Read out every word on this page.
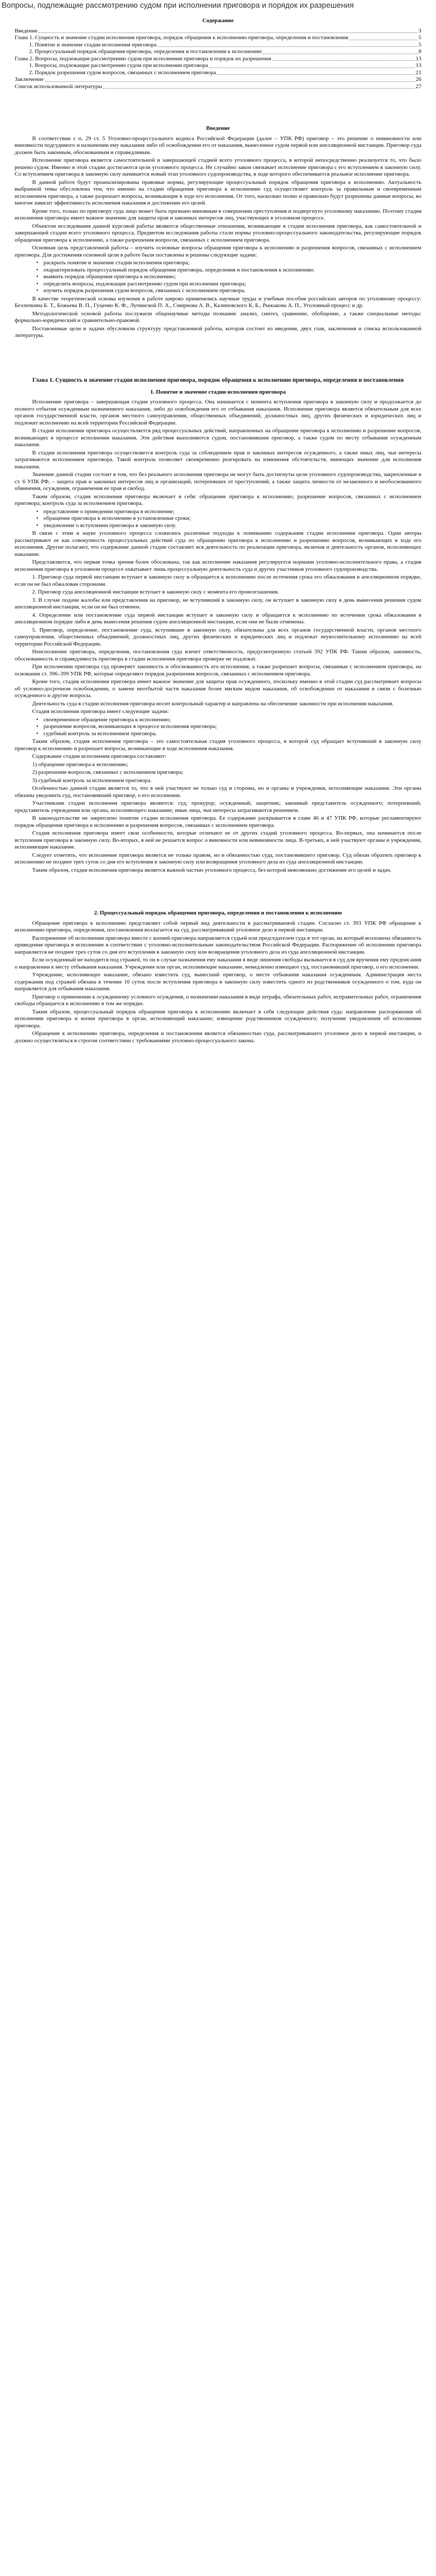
Вопросы, подлежащие рассмотрению судом при исполнении приговора и порядок их разрешения
Содержание
Введение	3
Глава 1. Сущность и значение стадии исполнения приговора, порядок обращения к исполнению приговора, определения и постановления	5
1. Понятие и значение стадии исполнения приговора	5
2. Процессуальный порядок обращения приговора, определения и постановления к исполнению	8
Глава 2. Вопросы, подлежащие рассмотрению судом при исполнении приговора и порядок их разрешения	13
1. Вопросы, подлежащие рассмотрению судом при исполнении приговора	13
2. Порядок разрешения судом вопросов, связанных с исполнением приговора	21
Заключение	26
Список использованной литературы	27
Введение

В соответствии с п. 29 ст. 5 Уголовно-процессуального кодекса Российской Федерации (далее – УПК РФ) приговор – это решение о невиновности или виновности подсудимого и назначении ему наказания либо об освобождении его от наказания, вынесенное судом первой или апелляционной инстанции. Приговор суда должен быть законным, обоснованным и справедливым.

Исполнение приговора является самостоятельной и завершающей стадией всего уголовного процесса, в которой непосредственно реализуется то, что было решено судом. Именно в этой стадии достигаются цели уголовного процесса. Не случайно закон связывает исполнение приговора с его вступлением в законную силу. Со вступлением приговора в законную силу начинается новый этап уголовного судопроизводства, в ходе которого обеспечивается реальное исполнение приговора.

В данной работе будут проанализированы правовые нормы, регулирующие процессуальный порядок обращения приговора к исполнению. Актуальность выбранной темы обусловлена тем, что именно на стадии обращения приговора к исполнению суд осуществляет контроль за правильным и своевременным исполнением приговора, а также разрешает вопросы, возникающие в ходе его исполнения. От того, насколько полно и правильно будут разрешены данные вопросы, во многом зависит эффективность исполнения наказания и достижение его целей.

Кроме того, только по приговору суда лицо может быть признано виновным в совершении преступления и подвергнуто уголовному наказанию. Поэтому стадия исполнения приговора имеет важное значение для защиты прав и законных интересов лиц, участвующих в уголовном процессе.

Объектом исследования данной курсовой работы являются общественные отношения, возникающие в стадии исполнения приговора, как самостоятельной и завершающей стадии всего уголовного процесса. Предметом исследования работы стали нормы уголовно-процессуального законодательства, регулирующие порядок обращения приговора к исполнению, а также разрешения вопросов, связанных с исполнением приговора.

Основная цель представленной работы – изучить основные вопросы обращения приговора к исполнению и разрешения вопросов, связанных с исполнением приговора. Для достижения основной цели в работе были поставлены и решены следующие задачи:

• раскрыть понятие и значение стадии исполнения приговора;
• охарактеризовать процессуальный порядок обращения приговора, определения и постановления к исполнению;
• выявить порядок обращения приговора к исполнению;
• определить вопросы, подлежащие рассмотрению судом при исполнении приговора;
• изучить порядок разрешения судом вопросов, связанных с исполнением приговора.

В качестве теоретической основы изучения в работе широко применялись научные труды и учебные пособия российских авторов по уголовному процессу: Безлепкина Б. Т., Божьева В. П., Гуценко К. Ф., Лупинской П. А., Смирнова А. В., Калиновского К. Б., Рыжакова А. П., Уголовный процесс и др.

Методологической основой работы послужили общенаучные методы познания: анализ, синтез, сравнение, обобщение, а также специальные методы: формально-юридический и сравнительно-правовой.

Поставленные цели и задачи обусловили структуру представленной работы, которая состоит из введения, двух глав, заключения и списка использованной литературы.

Глава 1. Сущность и значение стадии исполнения приговора, порядок обращения к исполнению приговора, определения и постановления
1. Понятие и значение стадии исполнения приговора

Исполнение приговора – завершающая стадия уголовного процесса. Она начинается с момента вступления приговора в законную силу и продолжается до полного отбытия осужденным назначенного наказания, либо до освобождения его от отбывания наказания. Исполнение приговора является обязательным для всех органов государственной власти, органов местного самоуправления, общественных объединений, должностных лиц, других физических и юридических лиц и подлежит исполнению на всей территории Российской Федерации.

В стадии исполнения приговора осуществляется ряд процессуальных действий, направленных на обращение приговора к исполнению и разрешение вопросов, возникающих в процессе исполнения наказания. Эти действия выполняются судом, постановившим приговор, а также судом по месту отбывания осужденным наказания.

В стадии исполнения приговора осуществляется контроль суда за соблюдением прав и законных интересов осужденного, а также иных лиц, чьи интересы затрагиваются исполнением приговора. Такой контроль позволяет своевременно реагировать на изменения обстоятельств, имеющих значение для исполнения наказания.

Значение данной стадии состоит в том, что без реального исполнения приговора не могут быть достигнуты цели уголовного судопроизводства, закрепленные в ст. 6 УПК РФ, – защита прав и законных интересов лиц и организаций, потерпевших от преступлений, а также защита личности от незаконного и необоснованного обвинения, осуждения, ограничения ее прав и свобод.

Таким образом, стадия исполнения приговора включает в себя: обращение приговора к исполнению; разрешение вопросов, связанных с исполнением приговора; контроль суда за исполнением приговора.

• представление о приведении приговора в исполнение;
• обращение приговора к исполнению в установленные сроки;
• уведомление о вступлении приговора в законную силу.

В связи с этим в науке уголовного процесса сложились различные подходы к пониманию содержания стадии исполнения приговора. Одни авторы рассматривают ее как совокупность процессуальных действий суда по обращению приговора к исполнению и разрешению вопросов, возникающих в ходе его исполнения. Другие полагают, что содержание данной стадии составляет вся деятельность по реализации приговора, включая и деятельность органов, исполняющих наказание.

Представляется, что первая точка зрения более обоснована, так как исполнение наказания регулируется нормами уголовно-исполнительного права, а стадия исполнения приговора в уголовном процессе охватывает лишь процессуальную деятельность суда и других участников уголовного судопроизводства.

1. Приговор суда первой инстанции вступает в законную силу и обращается к исполнению после истечения срока его обжалования в апелляционном порядке, если он не был обжалован сторонами.

2. Приговор суда апелляционной инстанции вступает в законную силу с момента его провозглашения.

3. В случае подачи жалобы или представления на приговор, не вступивший в законную силу, он вступает в законную силу в день вынесения решения судом апелляционной инстанции, если он не был отменен.

4. Определение или постановление суда первой инстанции вступает в законную силу и обращается к исполнению по истечении срока обжалования в апелляционном порядке либо в день вынесения решения судом апелляционной инстанции, если они не были отменены.

5. Приговор, определение, постановление суда, вступившие в законную силу, обязательны для всех органов государственной власти, органов местного самоуправления, общественных объединений, должностных лиц, других физических и юридических лиц и подлежат неукоснительному исполнению на всей территории Российской Федерации.

Неисполнение приговора, определения, постановления суда влечет ответственность, предусмотренную статьей 392 УПК РФ. Таким образом, законность, обоснованность и справедливость приговора в стадии исполнения приговора проверке не подлежат.

При исполнении приговора суд проверяет законность и обоснованность его исполнения, а также разрешает вопросы, связанные с исполнением приговора, на основании ст. 396–399 УПК РФ, которые определяют порядок разрешения вопросов, связанных с исполнением приговора.

Кроме того, стадия исполнения приговора имеет важное значение для защиты прав осужденного, поскольку именно в этой стадии суд рассматривает вопросы об условно-досрочном освобождении, о замене неотбытой части наказания более мягким видом наказания, об освобождении от наказания в связи с болезнью осужденного и другие вопросы.

Деятельность суда в стадии исполнения приговора носит контрольный характер и направлена на обеспечение законности при исполнении наказания.

Стадия исполнения приговора имеет следующие задачи:

• своевременное обращение приговора к исполнению;
• разрешение вопросов, возникающих в процессе исполнения приговора;
• судебный контроль за исполнением приговора.

Таким образом, стадия исполнения приговора – это самостоятельная стадия уголовного процесса, в которой суд обращает вступивший в законную силу приговор к исполнению и разрешает вопросы, возникающие в ходе исполнения наказания.

Содержание стадии исполнения приговора составляют:

1) обращение приговора к исполнению;

2) разрешение вопросов, связанных с исполнением приговора;

3) судебный контроль за исполнением приговора.

Особенностью данной стадии является то, что в ней участвуют не только суд и стороны, но и органы и учреждения, исполняющие наказания. Эти органы обязаны уведомить суд, постановивший приговор, о его исполнении.

Участниками стадии исполнения приговора являются: суд; прокурор; осужденный; защитник; законный представитель осужденного; потерпевший; представитель учреждения или органа, исполняющего наказание; иные лица, чьи интересы затрагиваются решением.

В законодательстве не закреплено понятие стадии исполнения приговора. Ее содержание раскрывается в главе 46 и 47 УПК РФ, которые регламентируют порядок обращения приговора к исполнению и разрешения вопросов, связанных с исполнением приговора.

Стадия исполнения приговора имеет свои особенности, которые отличают ее от других стадий уголовного процесса. Во-первых, она начинается после вступления приговора в законную силу. Во-вторых, в ней не решается вопрос о виновности или невиновности лица. В-третьих, в ней участвуют органы и учреждения, исполняющие наказание.

Следует отметить, что исполнение приговора является не только правом, но и обязанностью суда, постановившего приговор. Суд обязан обратить приговор к исполнению не позднее трех суток со дня его вступления в законную силу или возвращения уголовного дела из суда апелляционной инстанции.

Таким образом, стадия исполнения приговора является важной частью уголовного процесса, без которой невозможно достижение его целей и задач.

2. Процессуальный порядок обращения приговора, определения и постановления к исполнению

Обращение приговора к исполнению представляет собой первый вид деятельности в рассматриваемой стадии. Согласно ст. 393 УПК РФ обращение к исполнению приговора, определения, постановления возлагается на суд, рассматривавший уголовное дело в первой инстанции.

Распоряжение об исполнении приговора вместе с копией приговора направляется судьей или председателем суда в тот орган, на который возложена обязанность приведения приговора в исполнение в соответствии с уголовно-исполнительным законодательством Российской Федерации. Распоряжение об исполнении приговора направляется не позднее трех суток со дня его вступления в законную силу или возвращения уголовного дела из суда апелляционной инстанции.

Если осужденный не находится под стражей, то он в случае назначения ему наказания в виде лишения свободы вызывается в суд для вручения ему предписания о направлении к месту отбывания наказания. Учреждение или орган, исполняющие наказание, немедленно извещают суд, постановивший приговор, о его исполнении.

Учреждение, исполняющее наказание, обязано известить суд, вынесший приговор, о месте отбывания наказания осужденным. Администрация места содержания под стражей обязана в течение 10 суток после вступления приговора в законную силу известить одного из родственников осужденного о том, куда он направляется для отбывания наказания.

Приговор о применении к осужденному условного осуждения, о назначении наказания в виде штрафа, обязательных работ, исправительных работ, ограничения свободы обращается к исполнению в том же порядке.

Таким образом, процессуальный порядок обращения приговора к исполнению включает в себя следующие действия суда: направление распоряжения об исполнении приговора и копии приговора в орган, исполняющий наказание; извещение родственников осужденного; получение уведомления об исполнении приговора.

Обращение к исполнению приговора, определения и постановления является обязанностью суда, рассматривавшего уголовное дело в первой инстанции, и должно осуществляться в строгом соответствии с требованиями уголовно-процессуального закона.
